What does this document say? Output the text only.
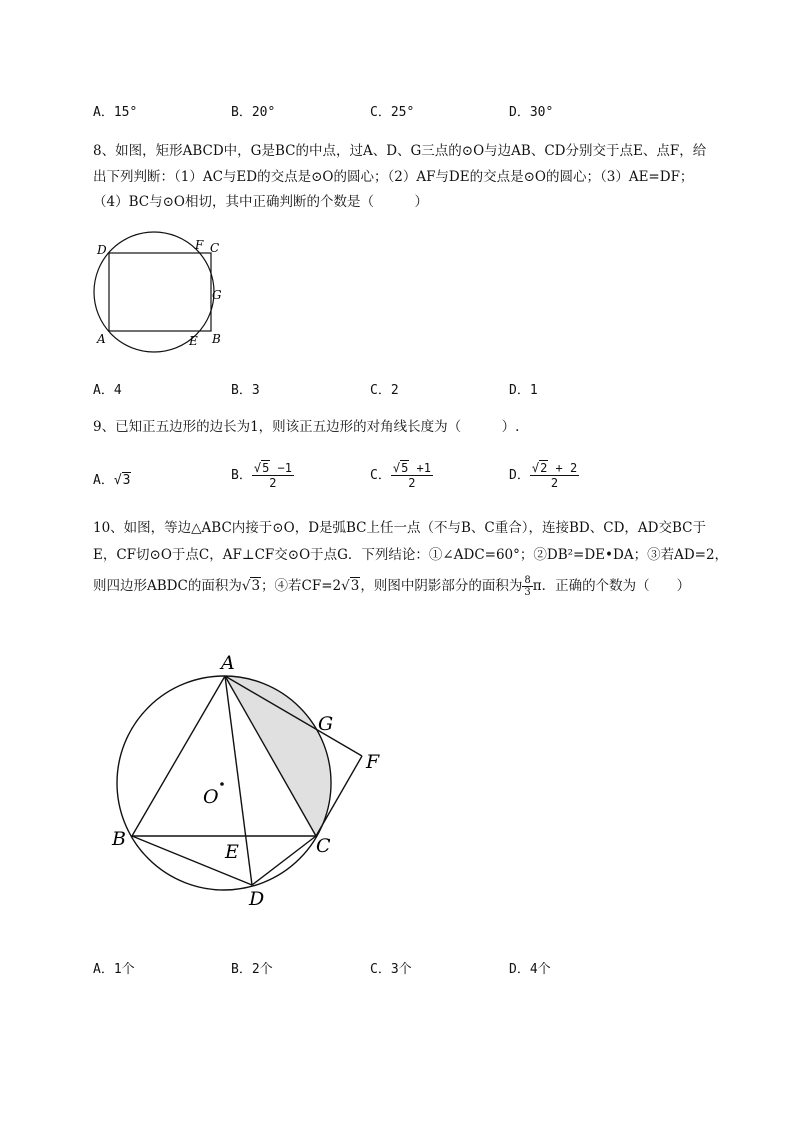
A．15°	B．20°	C．25°	D．30°
8、如图，矩形ABCD中，G是BC的中点，过A、D、G三点的⊙O与边AB、CD分别交于点E、点F，给
出下列判断：（1）AC与ED的交点是⊙O的圆心；（2）AF与DE的交点是⊙O的圆心；（3）AE=DF；
（4）BC与⊙O相切，其中正确判断的个数是（　　　）
D	F C
G
A	E B
A．4	B．3	C．2	D．1
9、已知正五边形的边长为1，则该正五边形的对角线长度为（　　　）.
A．√3	B． $\frac{√5 -1}{2}$	C． $\frac{√5 +1}{2}$	D． $\frac{√2 + 2}{2}$
10、如图，等边△ABC内接于⊙O，D是弧BC上任一点（不与B、C重合），连接BD、CD，AD交BC于
E，CF切⊙O于点C，AF⊥CF交⊙O于点G．下列结论：①∠ADC=60°；②DB²=DE•DA；③若AD=2，
则四边形ABDC的面积为√3；④若CF=2√3，则图中阴影部分的面积为 $\frac{8}{3}$ π．正确的个数为（　　）
A
G
F
O
B
E	C
D
A．1个	B．2个	C．3个	D．4个
